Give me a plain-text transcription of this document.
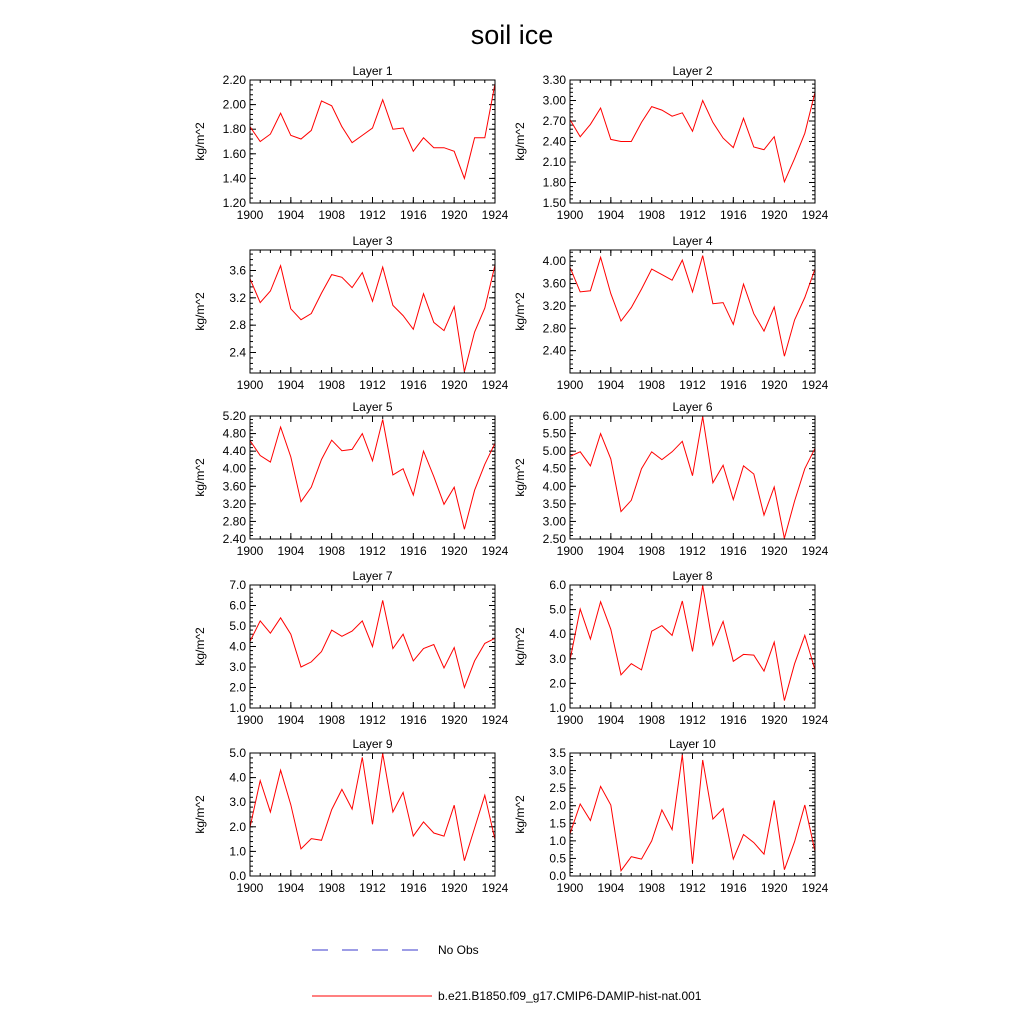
soil ice
Layer 1
1900 1904 1908 1912 1916 1920 1924
1.20
1.40
1.60
1.80
2.00
2.20
kg/m^2
Layer 2
1900 1904 1908 1912 1916 1920 1924
1.50
1.80
2.10
2.40
2.70
3.00
3.30
kg/m^2
Layer 3
1900 1904 1908 1912 1916 1920 1924
2.4
2.8
3.2
3.6
kg/m^2
Layer 4
1900 1904 1908 1912 1916 1920 1924
2.40
2.80
3.20
3.60
4.00
kg/m^2
Layer 5
1900 1904 1908 1912 1916 1920 1924
2.40
2.80
3.20
3.60
4.00
4.40
4.80
5.20
kg/m^2
Layer 6
1900 1904 1908 1912 1916 1920 1924
2.50
3.00
3.50
4.00
4.50
5.00
5.50
6.00
kg/m^2
Layer 7
1900 1904 1908 1912 1916 1920 1924
1.0
2.0
3.0
4.0
5.0
6.0
7.0
kg/m^2
Layer 8
1900 1904 1908 1912 1916 1920 1924
1.0
2.0
3.0
4.0
5.0
6.0
kg/m^2
Layer 9
1900 1904 1908 1912 1916 1920 1924
0.0
1.0
2.0
3.0
4.0
5.0
kg/m^2
Layer 10
1900 1904 1908 1912 1916 1920 1924
0.0
0.5
1.0
1.5
2.0
2.5
3.0
3.5
kg/m^2
No Obs
b.e21.B1850.f09_g17.CMIP6-DAMIP-hist-nat.001
